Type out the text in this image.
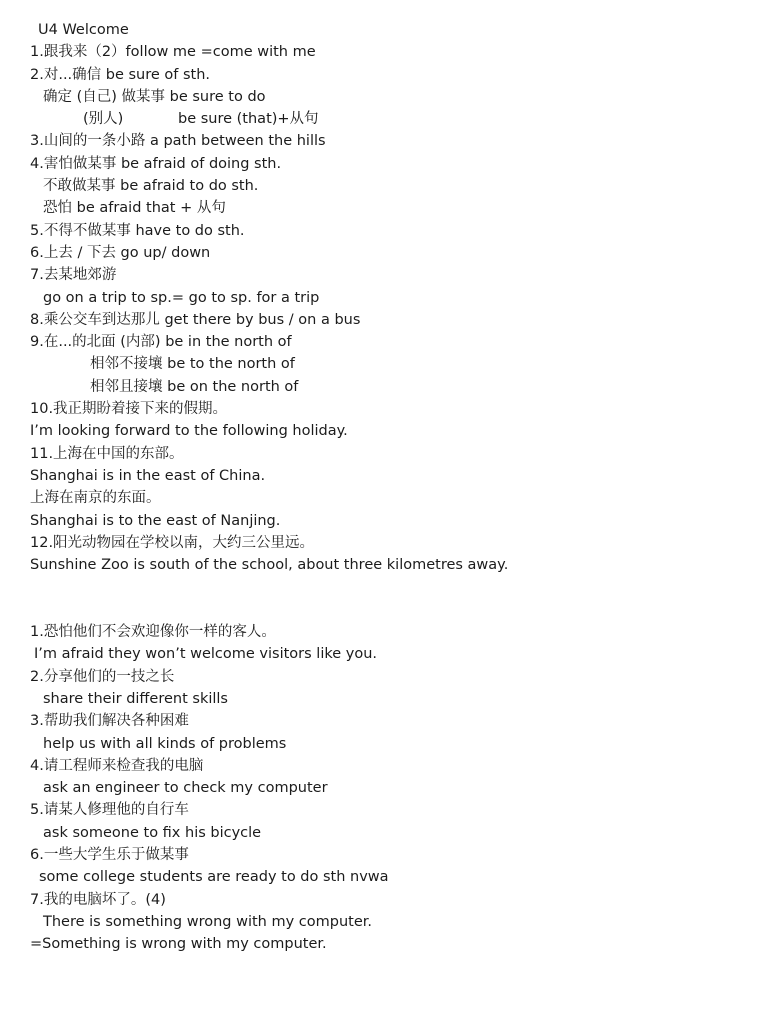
U4 Welcome
1.跟我来（2）follow me =come with me
2.对...确信 be sure of sth.
确定 (自己) 做某事 be sure to do
(别人)	be sure (that)+从句
3.山间的一条小路 a path between the hills
4.害怕做某事 be afraid of doing sth.
不敢做某事 be afraid to do sth.
恐怕 be afraid that + 从句
5.不得不做某事 have to do sth.
6.上去 / 下去 go up/ down
7.去某地郊游
go on a trip to sp.= go to sp. for a trip
8.乘公交车到达那儿 get there by bus / on a bus
9.在...的北面 (内部) be in the north of
相邻不接壤 be to the north of
相邻且接壤 be on the north of
10.我正期盼着接下来的假期。
I’m looking forward to the following holiday.
11.上海在中国的东部。
Shanghai is in the east of China.
上海在南京的东面。
Shanghai is to the east of Nanjing.
12.阳光动物园在学校以南，大约三公里远。
Sunshine Zoo is south of the school, about three kilometres away.
1.恐怕他们不会欢迎像你一样的客人。
I’m afraid they won’t welcome visitors like you.
2.分享他们的一技之长
share their different skills
3.帮助我们解决各种困难
help us with all kinds of problems
4.请工程师来检查我的电脑
ask an engineer to check my computer
5.请某人修理他的自行车
ask someone to fix his bicycle
6.一些大学生乐于做某事
some college students are ready to do sth nvwa
7.我的电脑坏了。(4)
There is something wrong with my computer.
=Something is wrong with my computer.
